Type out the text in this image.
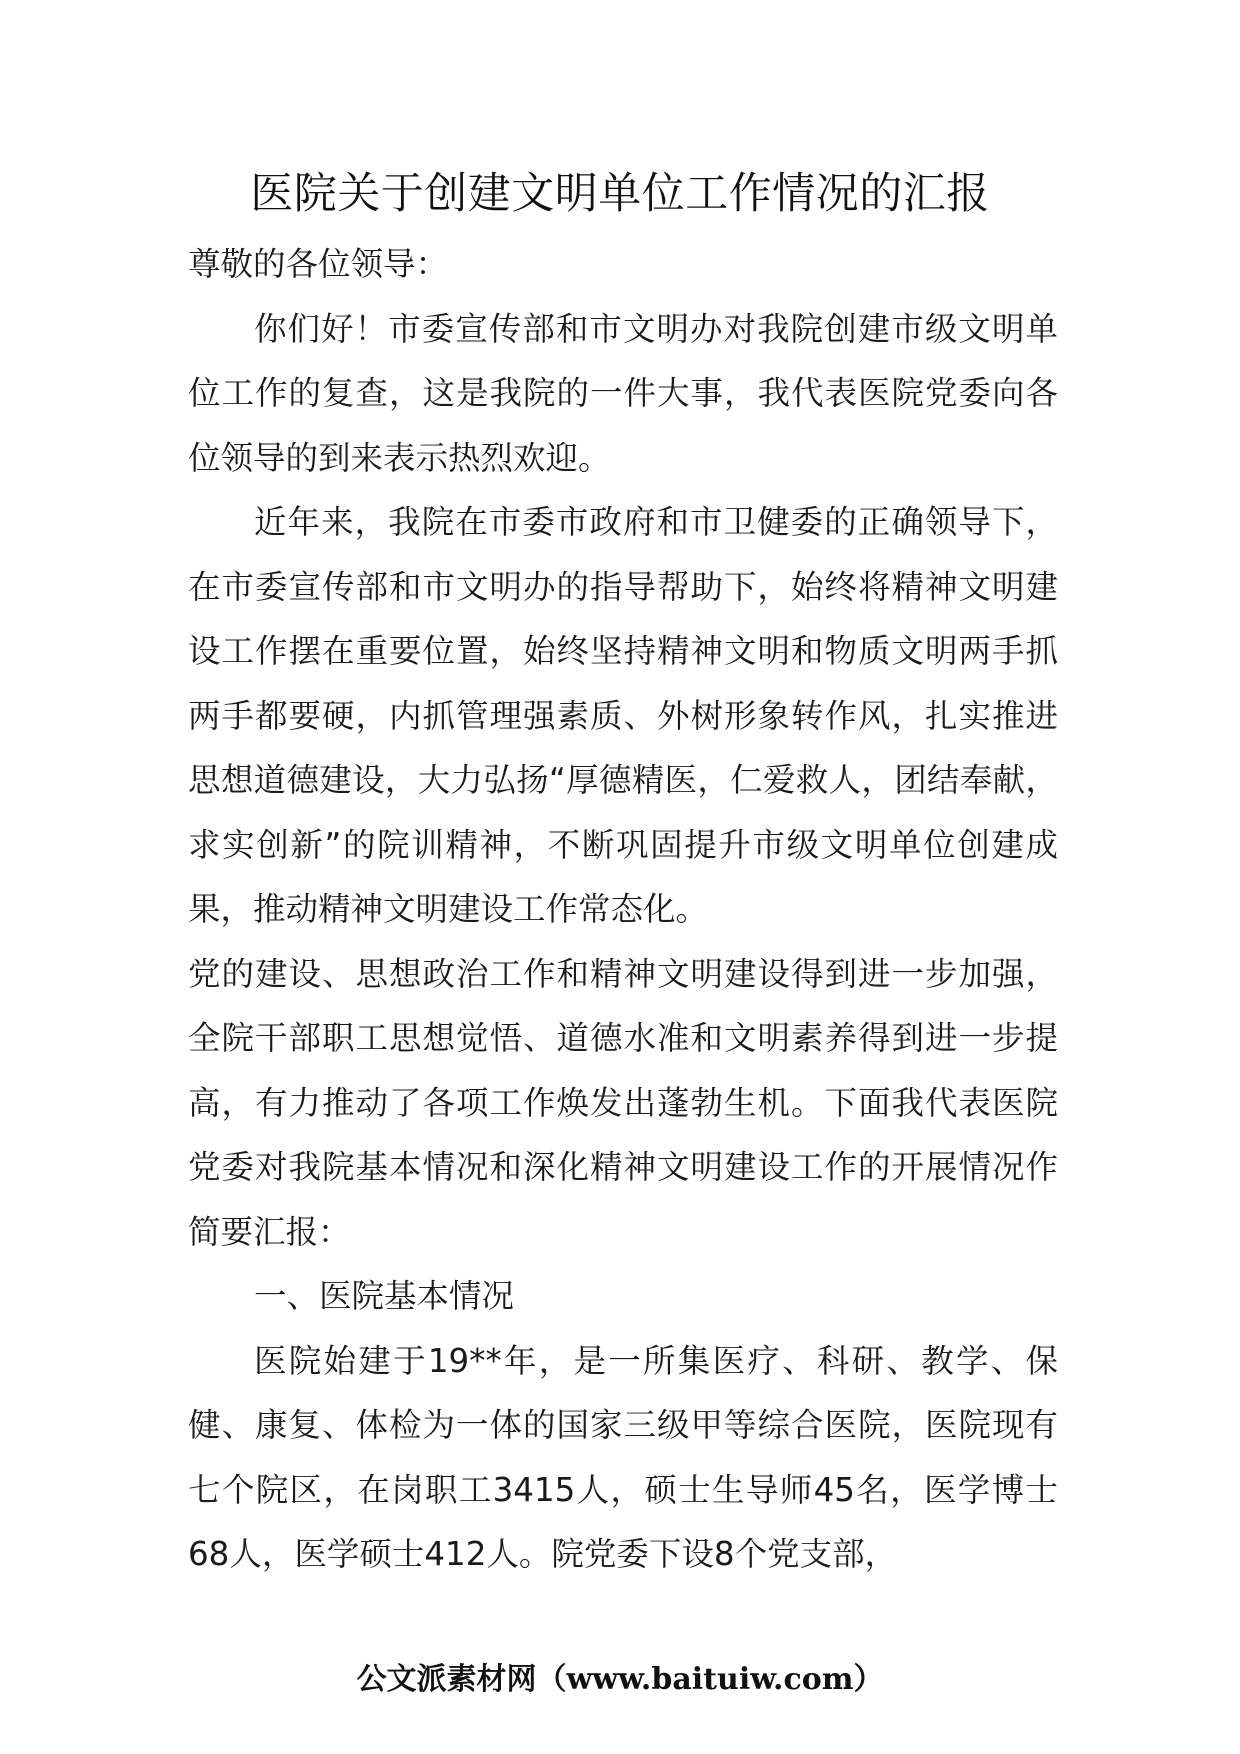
医院关于创建文明单位工作情况的汇报

尊敬的各位领导：

你们好！市委宣传部和市文明办对我院创建市级文明单位工作的复查，这是我院的一件大事，我代表医院党委向各位领导的到来表示热烈欢迎。

近年来，我院在市委市政府和市卫健委的正确领导下，在市委宣传部和市文明办的指导帮助下，始终将精神文明建设工作摆在重要位置，始终坚持精神文明和物质文明两手抓两手都要硬，内抓管理强素质、外树形象转作风，扎实推进思想道德建设，大力弘扬“厚德精医，仁爱救人，团结奉献，求实创新”的院训精神，不断巩固提升市级文明单位创建成果，推动精神文明建设工作常态化。

党的建设、思想政治工作和精神文明建设得到进一步加强，全院干部职工思想觉悟、道德水准和文明素养得到进一步提高，有力推动了各项工作焕发出蓬勃生机。下面我代表医院党委对我院基本情况和深化精神文明建设工作的开展情况作简要汇报：

一、医院基本情况

医院始建于19**年，是一所集医疗、科研、教学、保健、康复、体检为一体的国家三级甲等综合医院，医院现有七个院区，在岗职工3415人，硕士生导师45名，医学博士68人，医学硕士412人。院党委下设8个党支部，

公文派素材网（www.baituiw.com）
